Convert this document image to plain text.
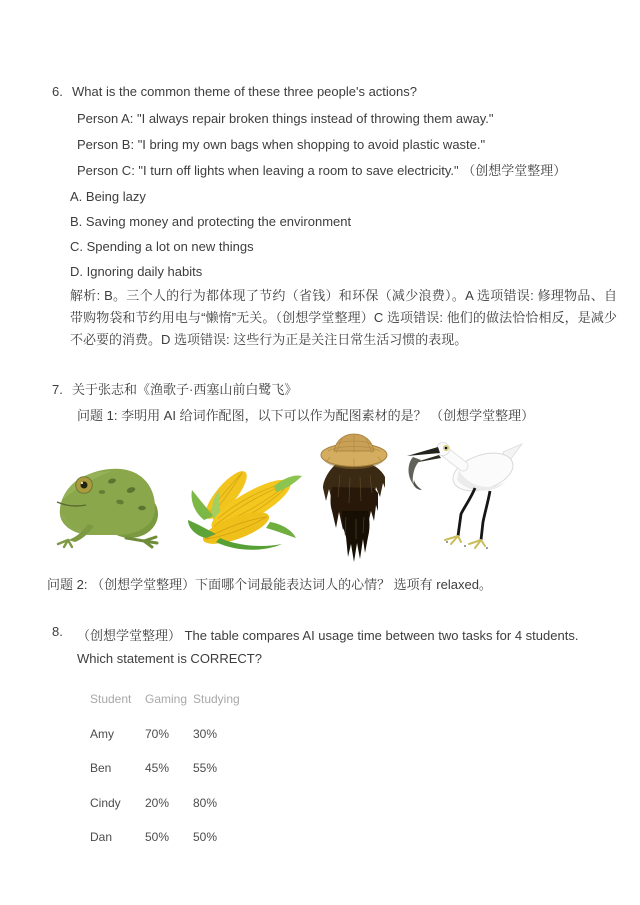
6. What is the common theme of these three people's actions?
Person A: "I always repair broken things instead of throwing them away."
Person B: "I bring my own bags when shopping to avoid plastic waste."
Person C: "I turn off lights when leaving a room to save electricity." （创想学堂整理）
A. Being lazy
B. Saving money and protecting the environment
C. Spending a lot on new things
D. Ignoring daily habits
解析: B。三个人的行为都体现了节约（省钱）和环保（减少浪费）。A 选项错误: 修理物品、自带购物袋和节约用电与“懒惰”无关。（创想学堂整理）C 选项错误: 他们的做法恰恰相反，是减少不必要的消费。D 选项错误: 这些行为正是关注日常生活习惯的表现。
7. 关于张志和《渔歌子·西塞山前白鹭飞》
问题 1: 李明用 AI 给词作配图，以下可以作为配图素材的是？ （创想学堂整理）
问题 2: （创想学堂整理）下面哪个词最能表达词人的心情？ 选项有 relaxed。
8.	（创想学堂整理） The table compares AI usage time between two tasks for 4 students. Which statement is CORRECT?
Student	Gaming Studying
Amy	70%	30%
Ben	45%	55%
Cindy	20%	80%
Dan	50%	50%
